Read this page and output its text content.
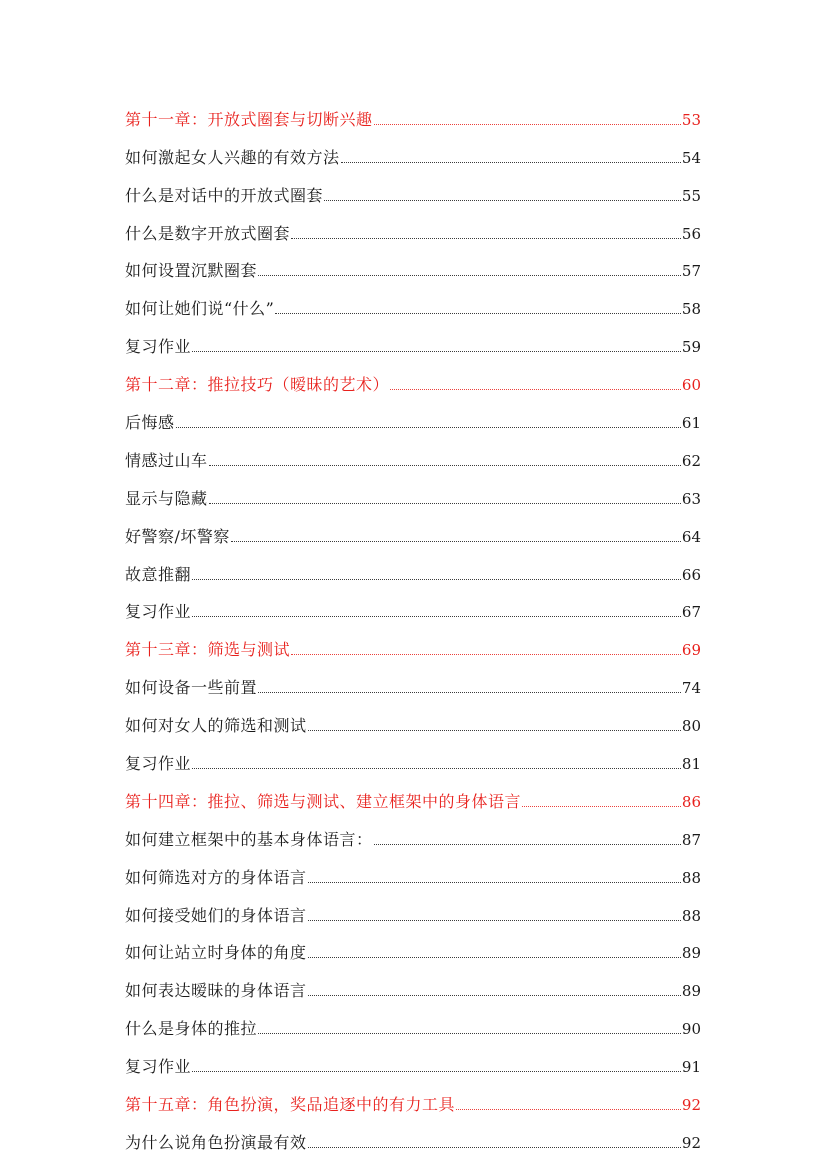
第十一章：开放式圈套与切断兴趣	53
如何激起女人兴趣的有效方法	54
什么是对话中的开放式圈套	55
什么是数字开放式圈套	56
如何设置沉默圈套	57
如何让她们说“什么”	58
复习作业	59
第十二章：推拉技巧（暧昧的艺术）	60
后悔感	61
情感过山车	62
显示与隐藏	63
好警察/坏警察	64
故意推翻	66
复习作业	67
第十三章：筛选与测试	69
如何设备一些前置	74
如何对女人的筛选和测试	80
复习作业	81
第十四章：推拉、筛选与测试、建立框架中的身体语言	86
如何建立框架中的基本身体语言：	87
如何筛选对方的身体语言	88
如何接受她们的身体语言	88
如何让站立时身体的角度	89
如何表达暧昧的身体语言	89
什么是身体的推拉	90
复习作业	91
第十五章：角色扮演，奖品追逐中的有力工具	92
为什么说角色扮演最有效	92
